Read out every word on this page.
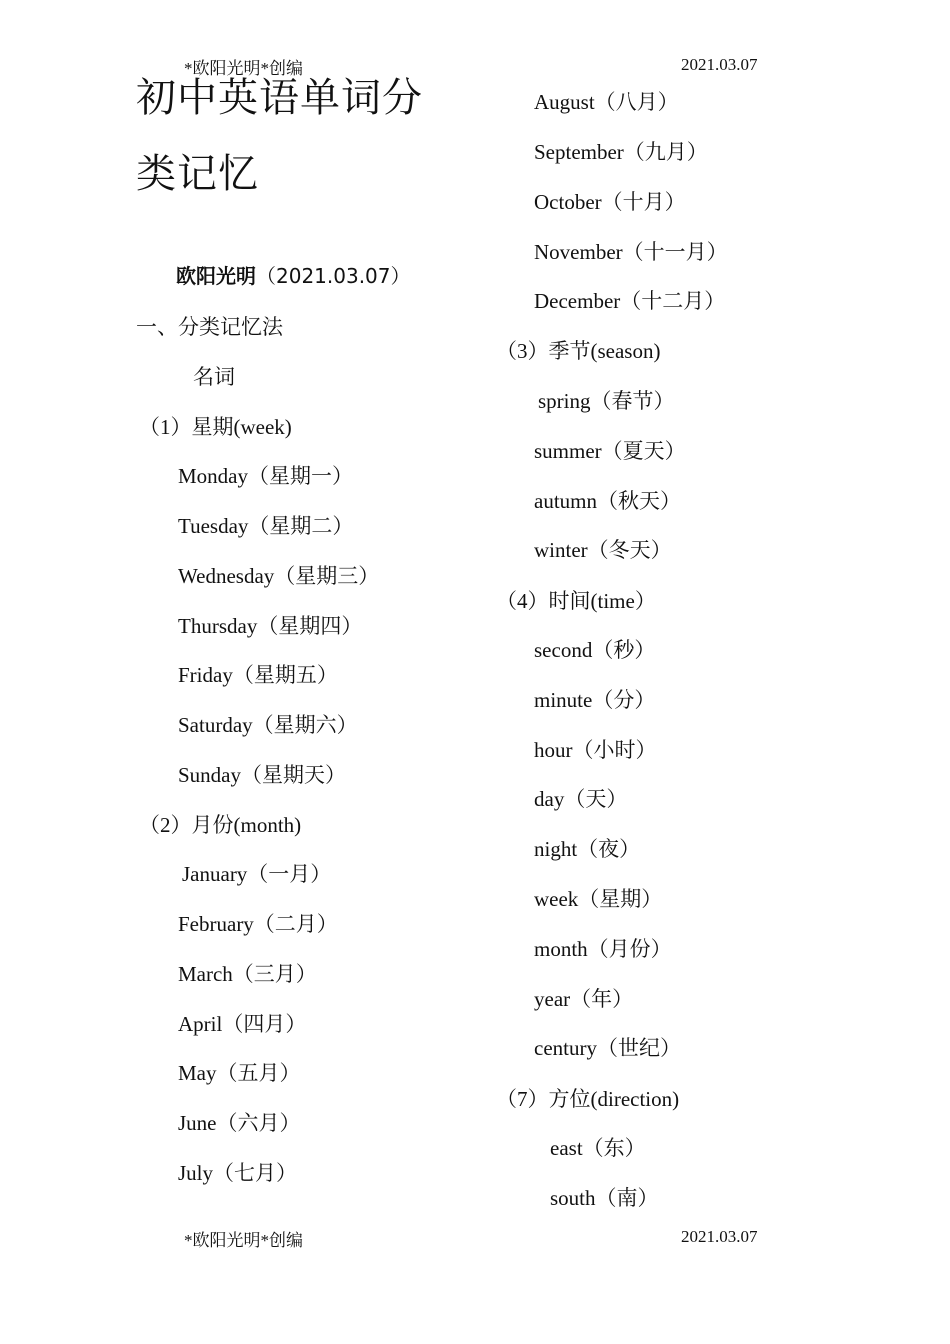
*欧阳光明*创编	2021.03.07
初中英语单词分
类记忆
欧阳光明（2021.03.07）
一、分类记忆法
名词
（1）星期(week)
Monday（星期一）
Tuesday（星期二）
Wednesday（星期三）
Thursday（星期四）
Friday（星期五）
Saturday（星期六）
Sunday（星期天）
（2）月份(month)
January（一月）
February（二月）
March（三月）
April（四月）
May（五月）
June（六月）
July（七月）
August（八月）
September（九月）
October（十月）
November（十一月）
December（十二月）
（3）季节(season)
spring（春节）
summer（夏天）
autumn（秋天）
winter（冬天）
（4）时间(time）
second（秒）
minute（分）
hour（小时）
day（天）
night（夜）
week（星期）
month（月份）
year（年）
century（世纪）
（7）方位(direction)
east（东）
south（南）
*欧阳光明*创编	2021.03.07
